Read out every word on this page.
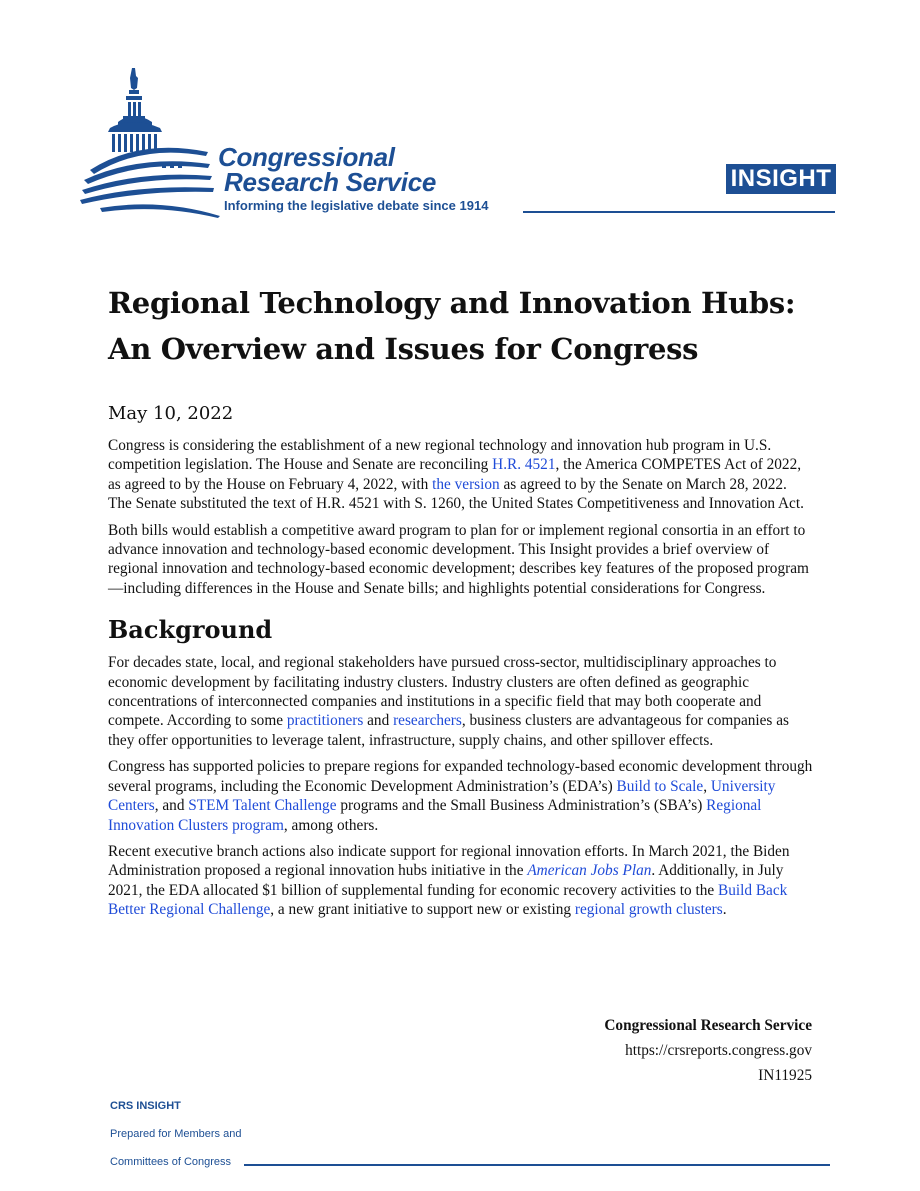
Congressional
Research Service
Informing the legislative debate since 1914
INSIGHT
Regional Technology and Innovation Hubs:
An Overview and Issues for Congress
May 10, 2022

Congress is considering the establishment of a new regional technology and innovation hub program in U.S. competition legislation. The House and Senate are reconciling H.R. 4521, the America COMPETES Act of 2022, as agreed to by the House on February 4, 2022, with the version as agreed to by the Senate on March 28, 2022. The Senate substituted the text of H.R. 4521 with S. 1260, the United States Competitiveness and Innovation Act.

Both bills would establish a competitive award program to plan for or implement regional consortia in an effort to advance innovation and technology-based economic development. This Insight provides a brief overview of regional innovation and technology-based economic development; describes key features of the proposed program—including differences in the House and Senate bills; and highlights potential considerations for Congress.

Background

For decades state, local, and regional stakeholders have pursued cross-sector, multidisciplinary approaches to economic development by facilitating industry clusters. Industry clusters are often defined as geographic concentrations of interconnected companies and institutions in a specific field that may both cooperate and compete. According to some practitioners and researchers, business clusters are advantageous for companies as they offer opportunities to leverage talent, infrastructure, supply chains, and other spillover effects.

Congress has supported policies to prepare regions for expanded technology-based economic development through several programs, including the Economic Development Administration’s (EDA’s) Build to Scale, University Centers, and STEM Talent Challenge programs and the Small Business Administration’s (SBA’s) Regional Innovation Clusters program, among others.

Recent executive branch actions also indicate support for regional innovation efforts. In March 2021, the Biden Administration proposed a regional innovation hubs initiative in the American Jobs Plan. Additionally, in July 2021, the EDA allocated $1 billion of supplemental funding for economic recovery activities to the Build Back Better Regional Challenge, a new grant initiative to support new or existing regional growth clusters.

Congressional Research Service
https://crsreports.congress.gov
IN11925
CRS INSIGHT
Prepared for Members and
Committees of Congress
